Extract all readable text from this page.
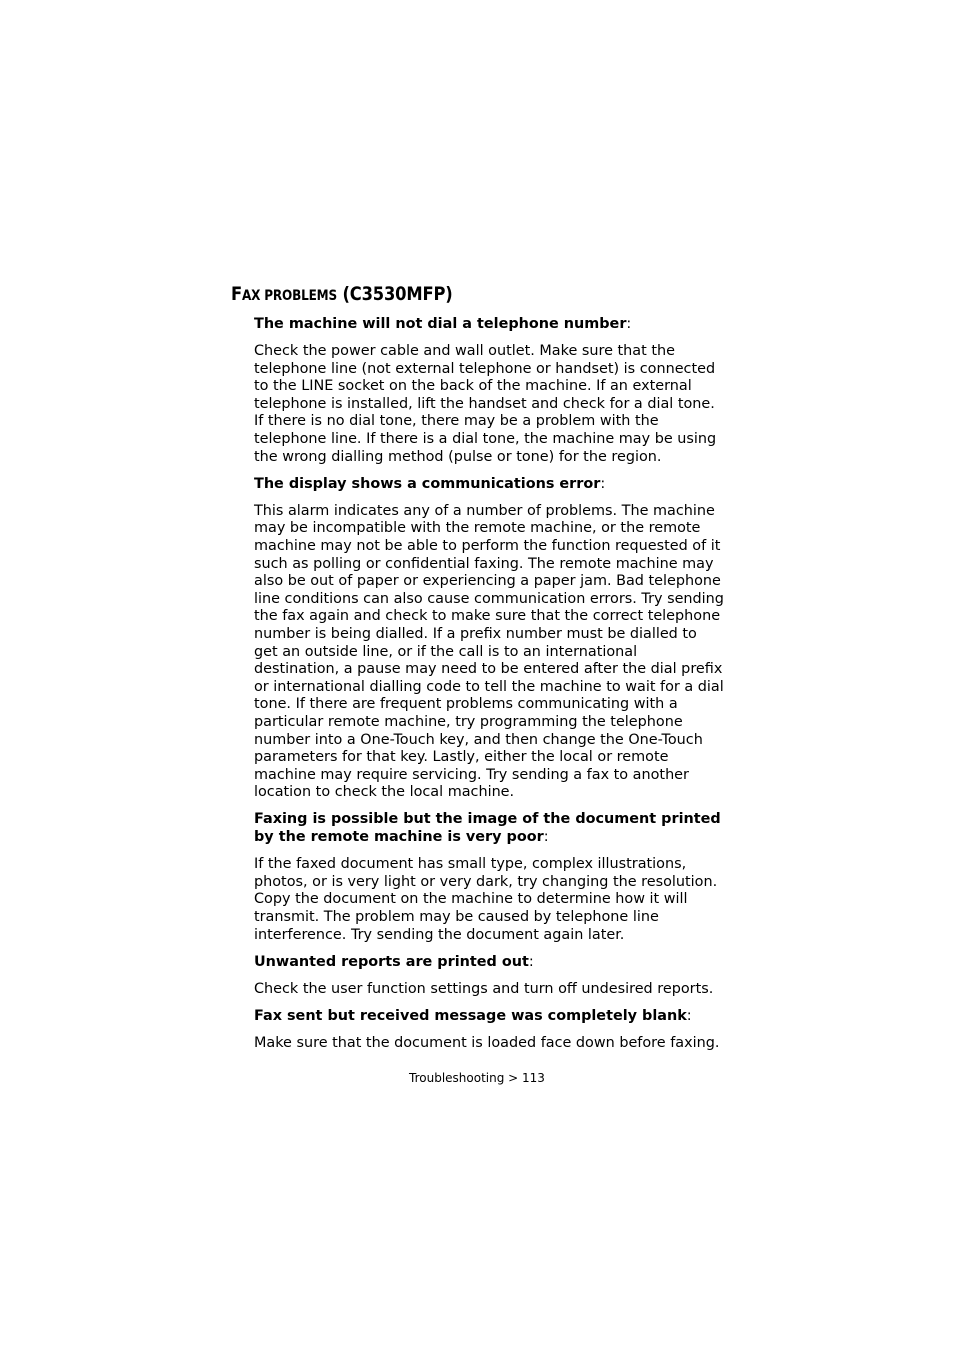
FAX PROBLEMS (C3530MFP)

The machine will not dial a telephone number:

Check the power cable and wall outlet. Make sure that the telephone line (not external telephone or handset) is connected to the LINE socket on the back of the machine. If an external telephone is installed, lift the handset and check for a dial tone. If there is no dial tone, there may be a problem with the telephone line. If there is a dial tone, the machine may be using the wrong dialling method (pulse or tone) for the region.

The display shows a communications error:

This alarm indicates any of a number of problems. The machine may be incompatible with the remote machine, or the remote machine may not be able to perform the function requested of it such as polling or confidential faxing. The remote machine may also be out of paper or experiencing a paper jam. Bad telephone line conditions can also cause communication errors. Try sending the fax again and check to make sure that the correct telephone number is being dialled. If a prefix number must be dialled to get an outside line, or if the call is to an international destination, a pause may need to be entered after the dial prefix or international dialling code to tell the machine to wait for a dial tone. If there are frequent problems communicating with a particular remote machine, try programming the telephone number into a One-Touch key, and then change the One-Touch parameters for that key. Lastly, either the local or remote machine may require servicing. Try sending a fax to another location to check the local machine.

Faxing is possible but the image of the document printed by the remote machine is very poor:

If the faxed document has small type, complex illustrations, photos, or is very light or very dark, try changing the resolution. Copy the document on the machine to determine how it will transmit. The problem may be caused by telephone line interference. Try sending the document again later.

Unwanted reports are printed out:

Check the user function settings and turn off undesired reports.

Fax sent but received message was completely blank:

Make sure that the document is loaded face down before faxing.

Troubleshooting > 113
